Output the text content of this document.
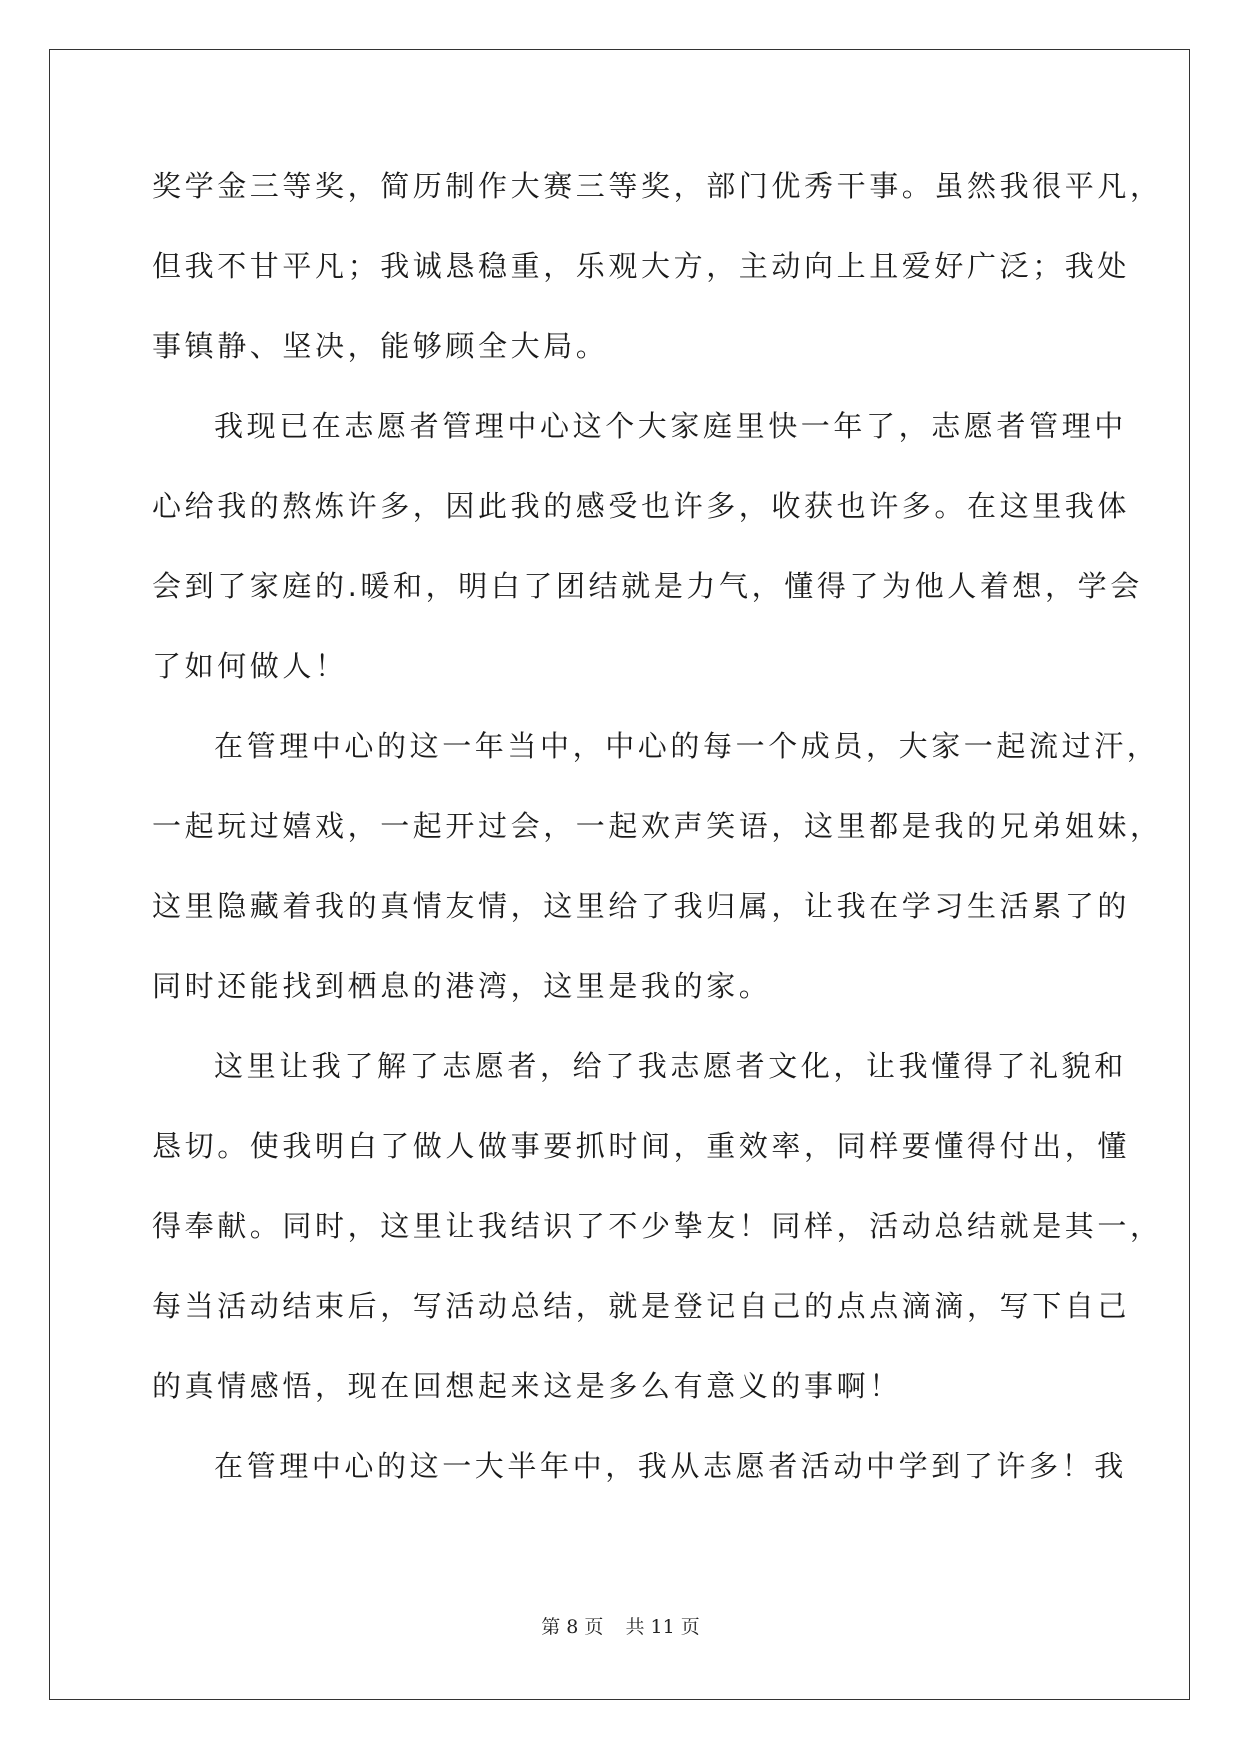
奖学金三等奖，简历制作大赛三等奖，部门优秀干事。虽然我很平凡，
但我不甘平凡；我诚恳稳重，乐观大方，主动向上且爱好广泛；我处
事镇静、坚决，能够顾全大局。
我现已在志愿者管理中心这个大家庭里快一年了，志愿者管理中
心给我的熬炼许多，因此我的感受也许多，收获也许多。在这里我体
会到了家庭的.暖和，明白了团结就是力气，懂得了为他人着想，学会
了如何做人！
在管理中心的这一年当中，中心的每一个成员，大家一起流过汗，
一起玩过嬉戏，一起开过会，一起欢声笑语，这里都是我的兄弟姐妹，
这里隐藏着我的真情友情，这里给了我归属，让我在学习生活累了的
同时还能找到栖息的港湾，这里是我的家。
这里让我了解了志愿者，给了我志愿者文化，让我懂得了礼貌和
恳切。使我明白了做人做事要抓时间，重效率，同样要懂得付出，懂
得奉献。同时，这里让我结识了不少挚友！同样，活动总结就是其一，
每当活动结束后，写活动总结，就是登记自己的点点滴滴，写下自己
的真情感悟，现在回想起来这是多么有意义的事啊！
在管理中心的这一大半年中，我从志愿者活动中学到了许多！我
第 8 页 共 11 页
